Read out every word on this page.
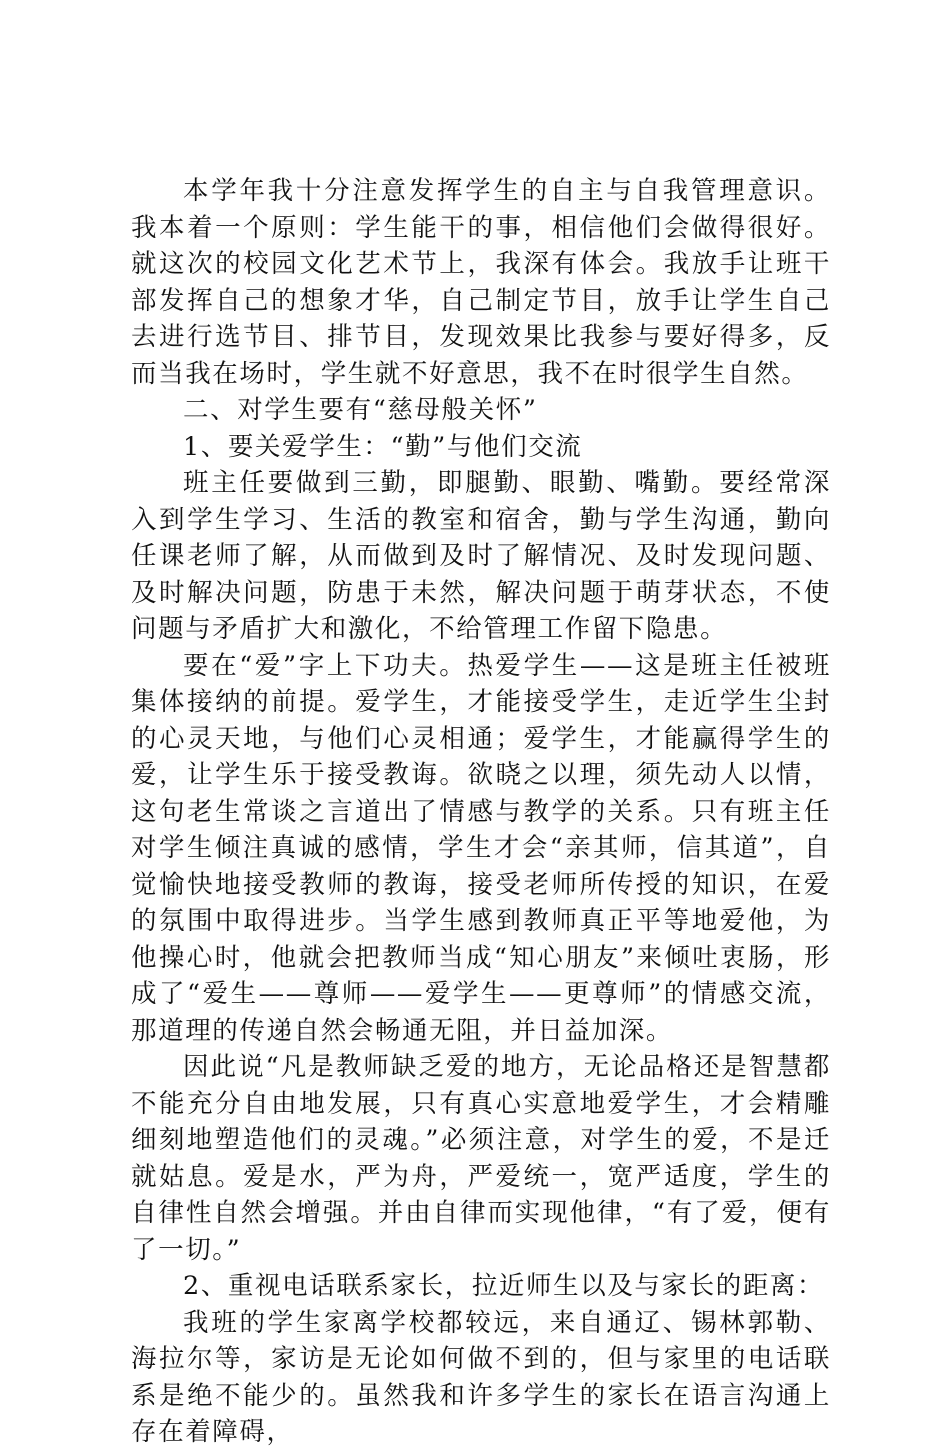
本学年我十分注意发挥学生的自主与自我管理意识。我本着一个原则：学生能干的事，相信他们会做得很好。就这次的校园文化艺术节上，我深有体会。我放手让班干部发挥自己的想象才华，自己制定节目，放手让学生自己去进行选节目、排节目，发现效果比我参与要好得多，反而当我在场时，学生就不好意思，我不在时很学生自然。

二、对学生要有“慈母般关怀”

1、要关爱学生：“勤”与他们交流

班主任要做到三勤，即腿勤、眼勤、嘴勤。要经常深入到学生学习、生活的教室和宿舍，勤与学生沟通，勤向任课老师了解，从而做到及时了解情况、及时发现问题、及时解决问题，防患于未然，解决问题于萌芽状态，不使问题与矛盾扩大和激化，不给管理工作留下隐患。

要在“爱”字上下功夫。热爱学生——这是班主任被班集体接纳的前提。爱学生，才能接受学生，走近学生尘封的心灵天地，与他们心灵相通；爱学生，才能赢得学生的爱，让学生乐于接受教诲。欲晓之以理，须先动人以情，这句老生常谈之言道出了情感与教学的关系。只有班主任对学生倾注真诚的感情，学生才会“亲其师，信其道”，自觉愉快地接受教师的教诲，接受老师所传授的知识，在爱的氛围中取得进步。当学生感到教师真正平等地爱他，为他操心时，他就会把教师当成“知心朋友”来倾吐衷肠，形成了“爱生——尊师——爱学生——更尊师”的情感交流，那道理的传递自然会畅通无阻，并日益加深。

因此说“凡是教师缺乏爱的地方，无论品格还是智慧都不能充分自由地发展，只有真心实意地爱学生，才会精雕细刻地塑造他们的灵魂。”必须注意，对学生的爱，不是迁就姑息。爱是水，严为舟，严爱统一，宽严适度，学生的自律性自然会增强。并由自律而实现他律，“有了爱，便有了一切。”

2、重视电话联系家长，拉近师生以及与家长的距离：

我班的学生家离学校都较远，来自通辽、锡林郭勒、海拉尔等，家访是无论如何做不到的，但与家里的电话联系是绝不能少的。虽然我和许多学生的家长在语言沟通上存在着障碍，
